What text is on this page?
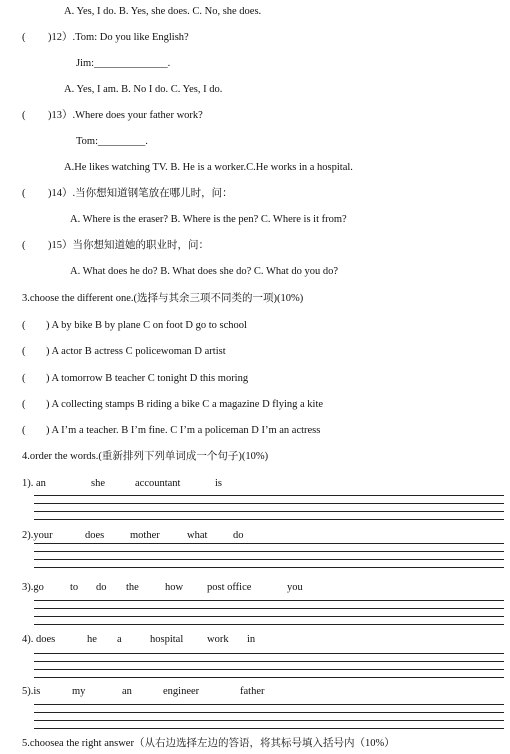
A. Yes, I do. B. Yes, she does. C. No, she does.
( )12）.Tom: Do you like English?
Jim:______________.
A. Yes, I am. B. No I do. C. Yes, I do.
( )13）.Where does your father work?
Tom:_________.
A.He likes watching TV. B. He is a worker.C.He works in a hospital.
( )14）.当你想知道钢笔放在哪儿时，问：
A. Where is the eraser? B. Where is the pen? C. Where is it from?
( )15）当你想知道她的职业时，问：
A. What does he do? B. What does she do? C. What do you do?
3.choose the different one.(选择与其余三项不同类的一项)(10%)
( ) A by bike B by plane C on foot D go to school
( ) A actor B actress C policewoman D artist
( ) A tomorrow B teacher C tonight D this moring
( ) A collecting stamps B riding a bike C a magazine D flying a kite
( ) A I’m a teacher. B I’m fine. C I’m a policeman D I’m an actress
4.order the words.(重新排列下列单词成一个句子)(10%)
1). an	she	accountant	is
2).your	does mother	what do
3).go to do the how post office	you
4). does	he a	hospital work in
5).is	my	an	engineer	father
5.choosea the right answer（从右边选择左边的答语，将其标号填入括号内（10%）
